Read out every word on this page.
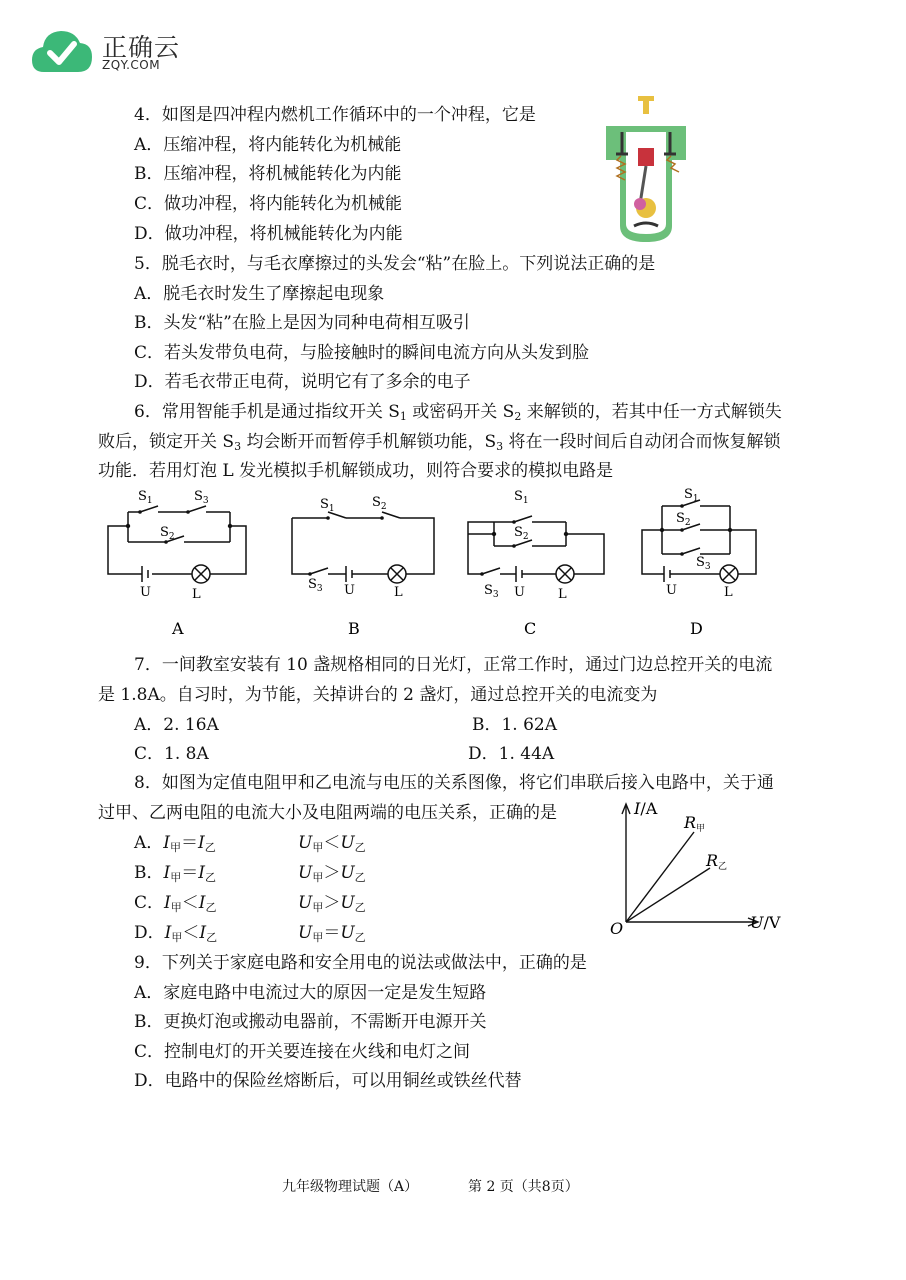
正确云
ZQY.COM
4．如图是四冲程内燃机工作循环中的一个冲程，它是
A．压缩冲程，将内能转化为机械能
B．压缩冲程，将机械能转化为内能
C．做功冲程，将内能转化为机械能
D．做功冲程，将机械能转化为内能
5．脱毛衣时，与毛衣摩擦过的头发会“粘”在脸上。下列说法正确的是
A．脱毛衣时发生了摩擦起电现象
B．头发“粘”在脸上是因为同种电荷相互吸引
C．若头发带负电荷，与脸接触时的瞬间电流方向从头发到脸
D．若毛衣带正电荷，说明它有了多余的电子
6．常用智能手机是通过指纹开关 $S_1$ 或密码开关 $S_2$ 来解锁的，若其中任一方式解锁失
败后，锁定开关 $S_3$ 均会断开而暂停手机解锁功能，$S_3$ 将在一段时间后自动闭合而恢复解锁
功能．若用灯泡 L 发光模拟手机解锁成功，则符合要求的模拟电路是
$S_1$	$S_3$
$S_2$
U	L
$S_1$	$S_2$
$S_3$ U	L
$S_1$
$S_2$
$S_3$ U	L
$S_1$
$S_2$
$S_3$
U	L
A	B	C	D
7．一间教室安装有 10 盏规格相同的日光灯，正常工作时，通过门边总控开关的电流
是 1.8A。自习时，为节能，关掉讲台的 2 盏灯，通过总控开关的电流变为
A．2. 16A	B．1. 62A
C．1. 8A	D．1. 44A
8．如图为定值电阻甲和乙电流与电压的关系图像，将它们串联后接入电路中，关于通
过甲、乙两电阻的电流大小及电阻两端的电压关系，正确的是
A．$I_甲=I_乙$	$U_甲<U_乙$
B．$I_甲=I_乙$	$U_甲>U_乙$
C．$I_甲<I_乙$	$U_甲>U_乙$
D．$I_甲<I_乙$	$U_甲=U_乙$
I/A
U/V
O
R甲
R乙
9．下列关于家庭电路和安全用电的说法或做法中，正确的是
A．家庭电路中电流过大的原因一定是发生短路
B．更换灯泡或搬动电器前，不需断开电源开关
C．控制电灯的开关要连接在火线和电灯之间
D．电路中的保险丝熔断后，可以用铜丝或铁丝代替
九年级物理试题（A）	第 2 页（共8页）
